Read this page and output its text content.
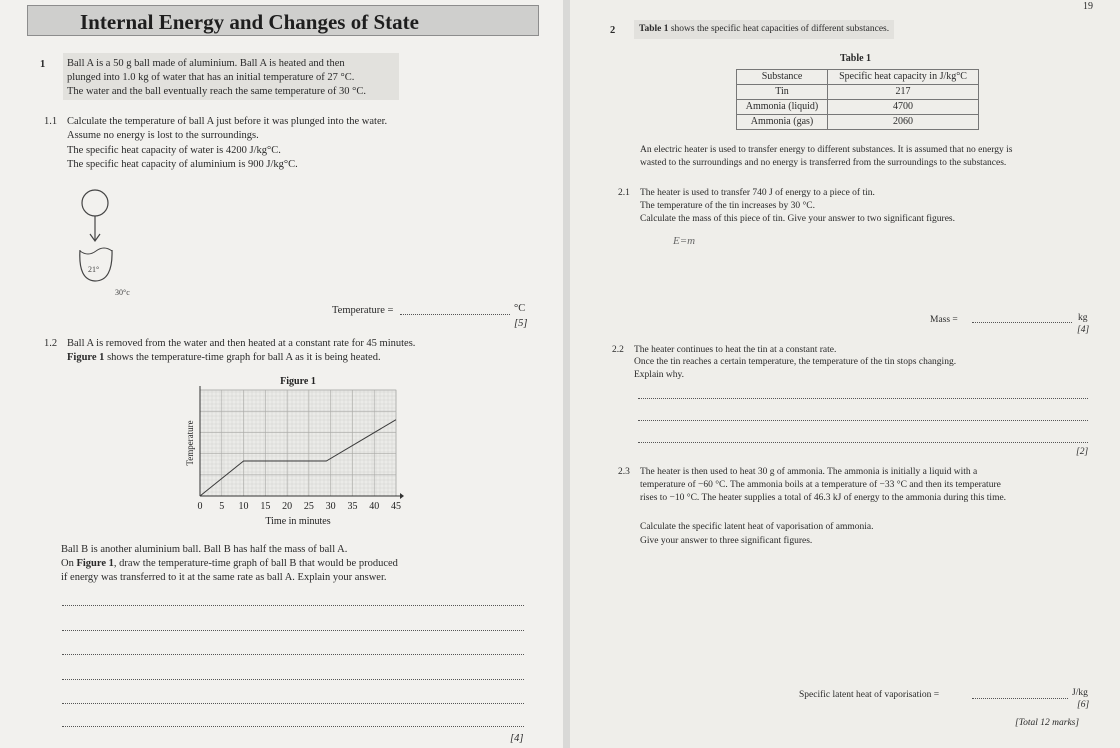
Internal Energy and Changes of State
1 Ball A is a 50 g ball made of aluminium. Ball A is heated and then
plunged into 1.0 kg of water that has an initial temperature of 27 °C.
The water and the ball eventually reach the same temperature of 30 °C.
1.1 Calculate the temperature of ball A just before it was plunged into the water.
Assume no energy is lost to the surroundings.
The specific heat capacity of water is 4200 J/kg°C.
The specific heat capacity of aluminium is 900 J/kg°C.
21°
30°c
Temperature =	°C
[5]
1.2 Ball A is removed from the water and then heated at a constant rate for 45 minutes.
Figure 1 shows the temperature-time graph for ball A as it is being heated.
Figure 1
0 5 10 15 20 25 30 35 40 45
Time in minutes
Temperature
Ball B is another aluminium ball. Ball B has half the mass of ball A.
On Figure 1, draw the temperature-time graph of ball B that would be produced
if energy was transferred to it at the same rate as ball A. Explain your answer.
[4]
19
2	Table 1 shows the specific heat capacities of different substances.
Table 1
Substance	Specific heat capacity in J/kg°C
Tin	217
Ammonia (liquid)	4700
Ammonia (gas)	2060
An electric heater is used to transfer energy to different substances. It is assumed that no energy is
wasted to the surroundings and no energy is transferred from the surroundings to the substances.
2.1 The heater is used to transfer 740 J of energy to a piece of tin.
The temperature of the tin increases by 30 °C.
Calculate the mass of this piece of tin. Give your answer to two significant figures.
E=m
Mass =	kg
[4]
2.2 The heater continues to heat the tin at a constant rate.
Once the tin reaches a certain temperature, the temperature of the tin stops changing.
Explain why.
[2]
2.3 The heater is then used to heat 30 g of ammonia. The ammonia is initially a liquid with a
temperature of −60 °C. The ammonia boils at a temperature of −33 °C and then its temperature
rises to −10 °C. The heater supplies a total of 46.3 kJ of energy to the ammonia during this time.
Calculate the specific latent heat of vaporisation of ammonia.
Give your answer to three significant figures.
Specific latent heat of vaporisation =	J/kg
[6]
[Total 12 marks]
